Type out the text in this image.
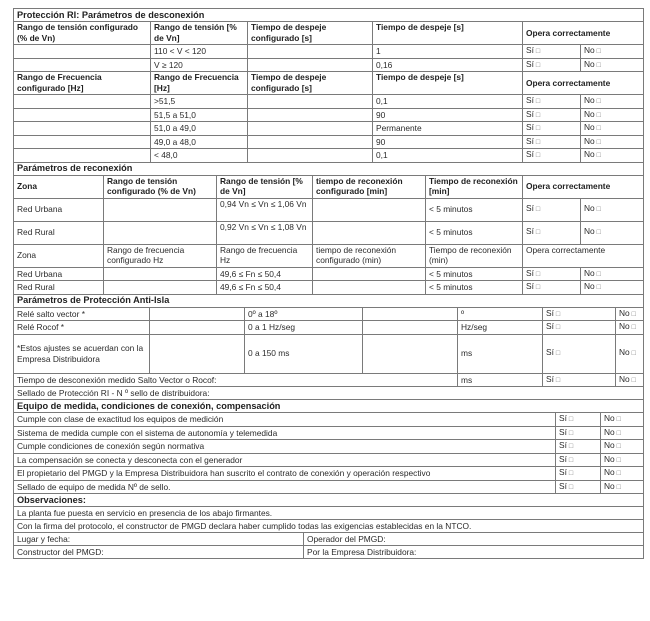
Protección RI: Parámetros de desconexión					
Rango de tensión configurado (% de Vn)	Rango de tensión [% de Vn]	Tiempo de despeje configurado [s]	Tiempo de despeje [s]	Opera correctamente	
	110 < V < 120		1	Sí □	No □
	V ≥ 120		0,16	Sí □	No □
Rango de Frecuencia configurado [Hz]	Rango de Frecuencia [Hz]	Tiempo de despeje configurado [s]	Tiempo de despeje [s]	Opera correctamente	
	>51,5		0,1	Sí □	No □
	51,5 a 51,0		90	Sí □	No □
	51,0 a 49,0		Permanente	Sí □	No □
	49,0 a 48,0		90	Sí □	No □
	< 48,0		0,1	Sí □	No □
Parámetros de reconexión						
Zona	Rango de tensión configurado (% de Vn)	Rango de tensión [% de Vn]	tiempo de reconexión configurado [min]	Tiempo de reconexión [min]	Opera correctamente	
Red Urbana		0,94 Vn ≤ Vn ≤ 1,06 Vn		< 5 minutos	Sí □	No □
Red Rural		0,92 Vn ≤ Vn ≤ 1,08 Vn		< 5 minutos	Sí □	No □
Zona	Rango de frecuencia configurado Hz	Rango de frecuencia Hz	tiempo de reconexión configurado (min)	Tiempo de reconexión (min)	Opera correctamente	
Red Urbana		49,6 ≤ Fn ≤ 50,4		< 5 minutos	Sí □	No □
Red Rural		49,6 ≤ Fn ≤ 50,4		< 5 minutos	Sí □	No □
Parámetros de Protección Anti-Isla						
Relé salto vector *		0º a 18º		º	Sí □	No □
Relé Rocof *		0 a 1 Hz/seg		Hz/seg	Sí □	No □
*Estos ajustes se acuerdan con la Empresa Distribuidora		0 a 150 ms		ms	Sí □	No □
Tiempo de desconexión medido Salto Vector o Rocof:				ms	Sí □	No □
Sellado de Protección RI - N º sello de distribuidora:						
Equipo de medida, condiciones de conexión, compensación		
Cumple con clase de exactitud los equipos de medición	Sí □	No □
Sistema de medida cumple con el sistema de autonomía y telemedida	Sí □	No □
Cumple condiciones de conexión según normativa	Sí □	No □
La compensación se conecta y desconecta con el generador	Sí □	No □
El propietario del PMGD y la Empresa Distribuidora han suscrito el contrato de conexión y operación respectivo	Sí □	No □
Sellado de equipo de medida Nº de sello.	Sí □	No □
Observaciones:	
La planta fue puesta en servicio en presencia de los abajo firmantes.	
Con la firma del protocolo, el constructor de PMGD declara haber cumplido todas las exigencias establecidas en la NTCO.	
Lugar y fecha:	Operador del PMGD:
Constructor del PMGD:	Por la Empresa Distribuidora:
